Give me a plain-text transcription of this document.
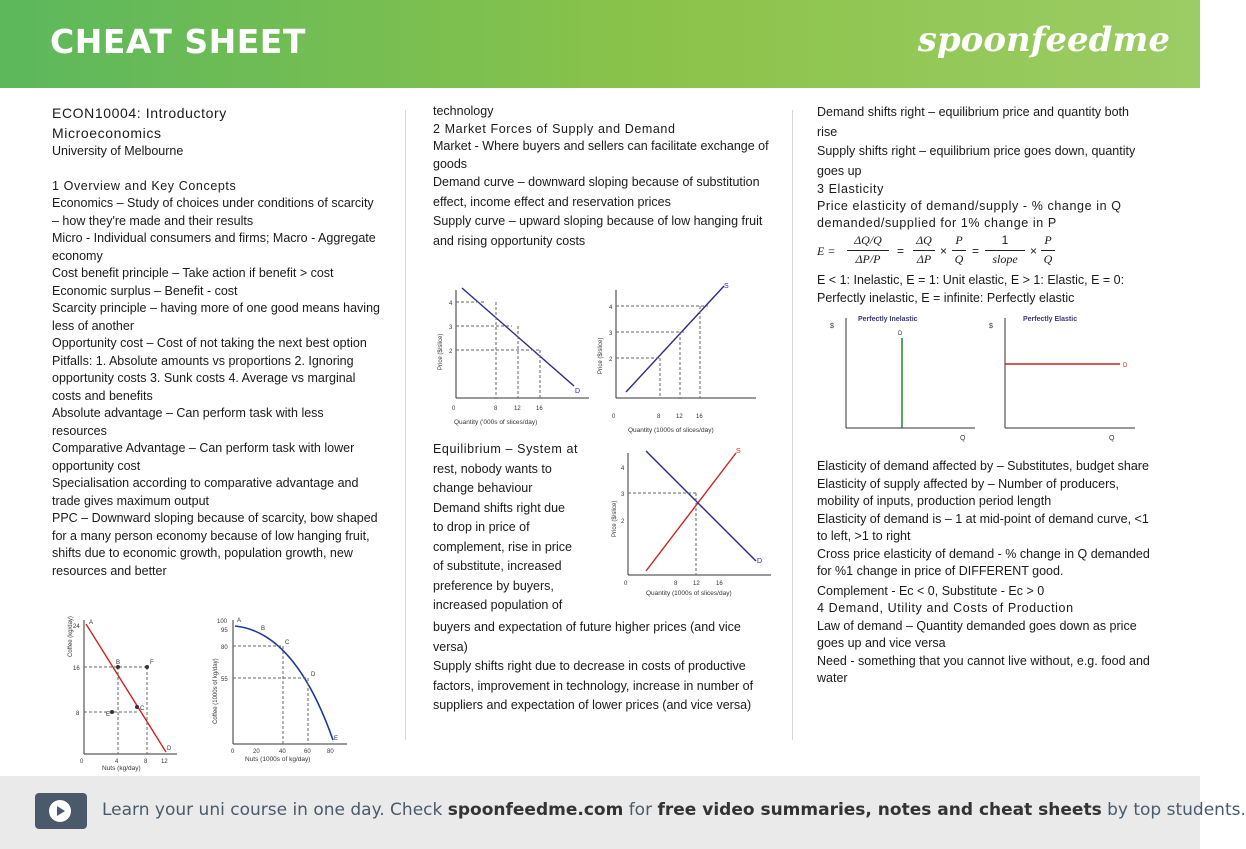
CHEAT SHEET	spoonfeedme

ECON10004: Introductory

Microeconomics

University of Melbourne

1 Overview and Key Concepts

Economics – Study of choices under conditions of scarcity – how they're made and their results

Micro - Individual consumers and firms; Macro - Aggregate economy

Cost benefit principle – Take action if benefit > cost

Economic surplus – Benefit - cost

Scarcity principle – having more of one good means having less of another

Opportunity cost – Cost of not taking the next best option

Pitfalls: 1. Absolute amounts vs proportions 2. Ignoring opportunity costs 3. Sunk costs 4. Average vs marginal costs and benefits

Absolute advantage – Can perform task with less resources

Comparative Advantage – Can perform task with lower opportunity cost

Specialisation according to comparative advantage and trade gives maximum output

PPC – Downward sloping because of scarcity, bow shaped for a many person economy because of low hanging fruit, shifts due to economic growth, population growth, new resources and better

Coffee (kg/day)
Nuts (kg/day)
24
16
8
0	4	8 12
A
B
C
D
E
F	Coffee (1000s of kg/day)
Nuts (1000s of kg/day)
100
95
80
55
0	20	40	60	80
A
B
C
D
E

technology

2 Market Forces of Supply and Demand

Market - Where buyers and sellers can facilitate exchange of goods

Demand curve – downward sloping because of substitution effect, income effect and reservation prices

Supply curve – upward sloping because of low hanging fruit and rising opportunity costs

Price ($/slice)
Quantity ('000s of slices/day)
4
3
2
0	8	12	16
D
Price ($/slice)
Quantity (1000s of slices/day)
4
3
2
0	8	12 16
S

Equilibrium – System at

rest, nobody wants to

change behaviour

Demand shifts right due

to drop in price of

complement, rise in price

of substitute, increased

preference by buyers,

increased population of

Price ($/slice)
Quantity (1000s of slices/day)
4
3
2
0	8	12	16
S
D

buyers and expectation of future higher prices (and vice versa)

Supply shifts right due to decrease in costs of productive factors, improvement in technology, increase in number of suppliers and expectation of lower prices (and vice versa)

Demand shifts right – equilibrium price and quantity both rise

Supply shifts right – equilibrium price goes down, quantity goes up

3 Elasticity

Price elasticity of demand/supply - % change in Q demanded/supplied for 1% change in P

E =
ΔQ/Q
ΔP/P
=
ΔQ
ΔP
×
P
Q
=
1
slope
×
P
Q

E < 1: Inelastic, E = 1: Unit elastic, E > 1: Elastic, E = 0: Perfectly inelastic, E = infinite: Perfectly elastic

Perfectly Inelastic
$
Q
D
Perfectly Elastic
$
Q
D

Elasticity of demand affected by – Substitutes, budget share

Elasticity of supply affected by – Number of producers, mobility of inputs, production period length

Elasticity of demand is – 1 at mid-point of demand curve, <1 to left, >1 to right

Cross price elasticity of demand - % change in Q demanded for %1 change in price of DIFFERENT good.

Complement - Ec < 0, Substitute - Ec > 0

4 Demand, Utility and Costs of Production

Law of demand – Quantity demanded goes down as price goes up and vice versa

Need - something that you cannot live without, e.g. food and water

Learn your uni course in one day. Check spoonfeedme.com for free video summaries, notes and cheat sheets by top students.
